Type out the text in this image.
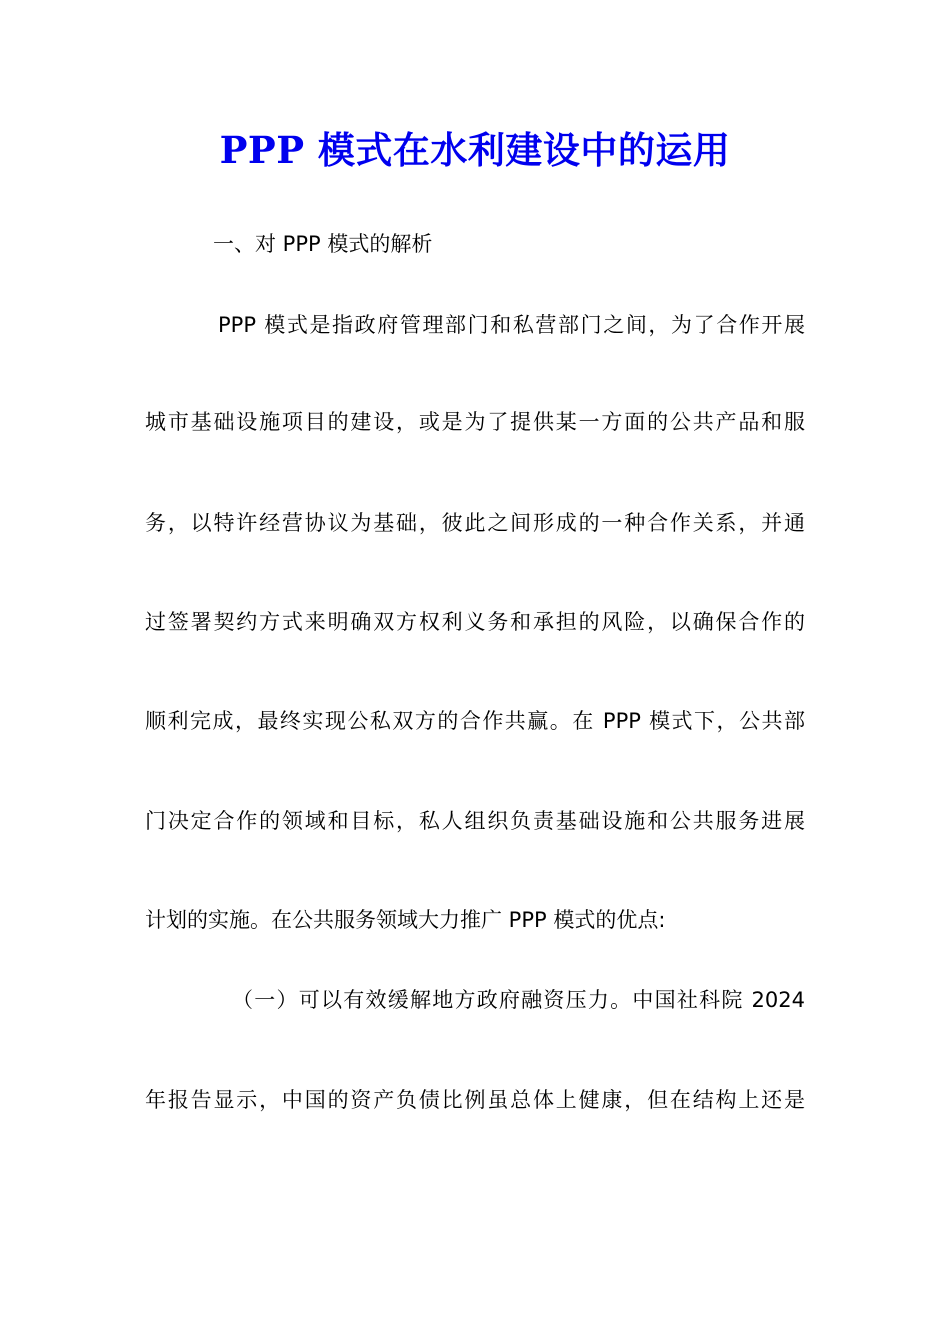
PPP 模式在水利建设中的运用
一、对 PPP 模式的解析
PPP 模式是指政府管理部门和私营部门之间，为了合作开展
城市基础设施项目的建设，或是为了提供某一方面的公共产品和服
务，以特许经营协议为基础，彼此之间形成的一种合作关系，并通
过签署契约方式来明确双方权利义务和承担的风险，以确保合作的
顺利完成，最终实现公私双方的合作共赢。在 PPP 模式下，公共部
门决定合作的领域和目标，私人组织负责基础设施和公共服务进展
计划的实施。在公共服务领域大力推广 PPP 模式的优点:
（一）可以有效缓解地方政府融资压力。中国社科院 2024
年报告显示，中国的资产负债比例虽总体上健康，但在结构上还是
